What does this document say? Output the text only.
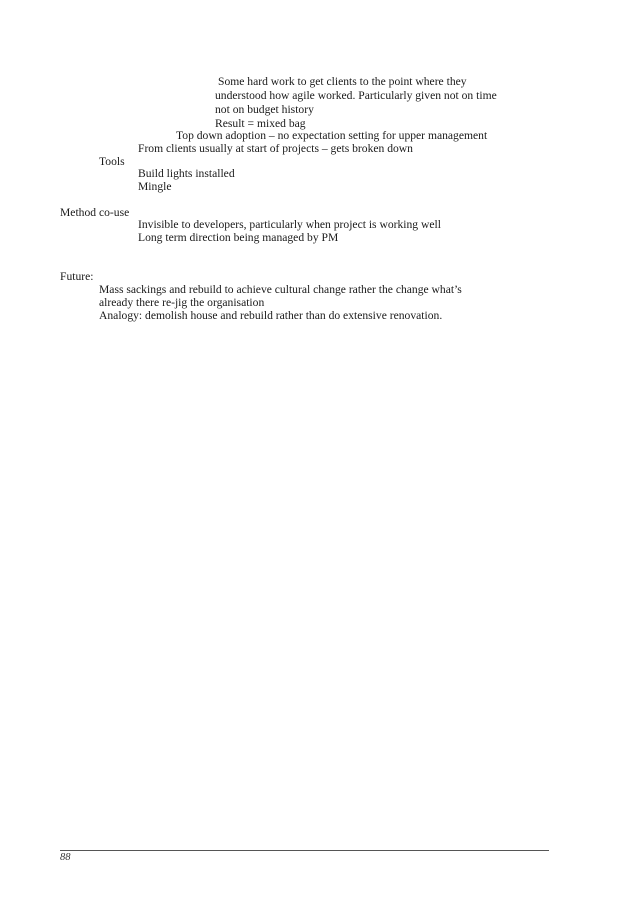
Some hard work to get clients to the point where they
understood how agile worked. Particularly given not on time
not on budget history
Result = mixed bag
Top down adoption – no expectation setting for upper management
From clients usually at start of projects – gets broken down
Tools
Build lights installed
Mingle
Method co-use
Invisible to developers, particularly when project is working well
Long term direction being managed by PM
Future:
Mass sackings and rebuild to achieve cultural change rather the change what’s
already there re-jig the organisation
Analogy: demolish house and rebuild rather than do extensive renovation.
88
